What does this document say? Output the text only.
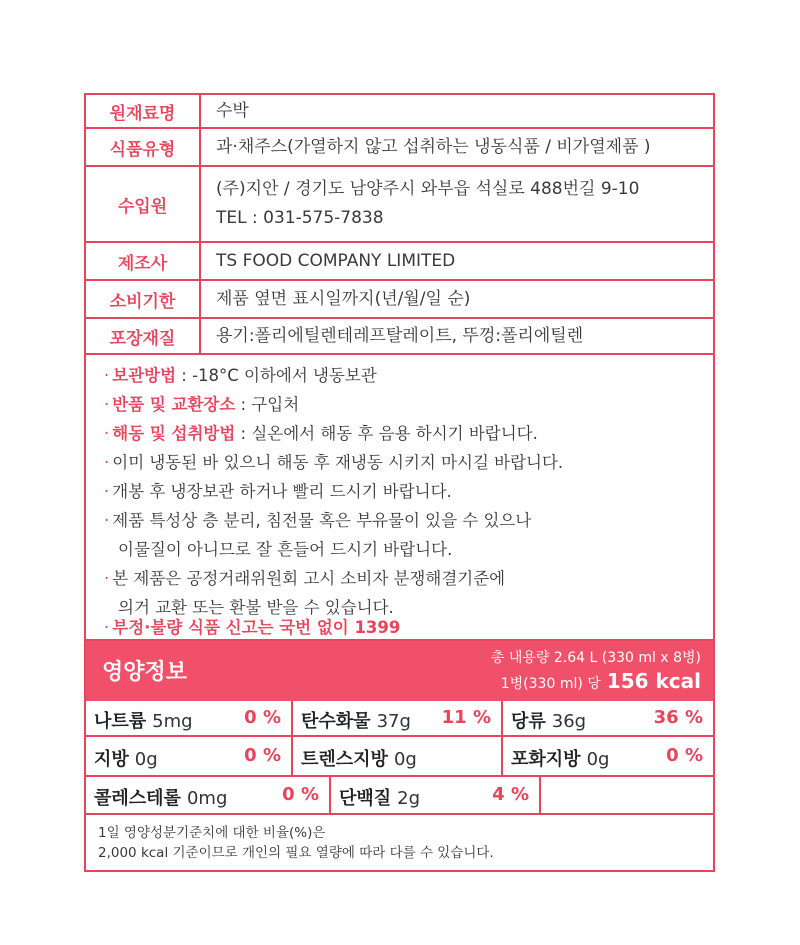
원재료명	수박
식품유형	과·채주스(가열하지 않고 섭취하는 냉동식품 / 비가열제품 )
수입원
(주)지안 / 경기도 남양주시 와부읍 석실로 488번길 9-10
TEL : 031-575-7838
제조사	TS FOOD COMPANY LIMITED
소비기한	제품 옆면 표시일까지(년/월/일 순)
포장재질	용기:폴리에틸렌테레프탈레이트, 뚜껑:폴리에틸렌
· 보관방법 : -18°C 이하에서 냉동보관
· 반품 및 교환장소 : 구입처
· 해동 및 섭취방법 : 실온에서 해동 후 음용 하시기 바랍니다.
· 이미 냉동된 바 있으니 해동 후 재냉동 시키지 마시길 바랍니다.
· 개봉 후 냉장보관 하거나 빨리 드시기 바랍니다.
· 제품 특성상 층 분리, 침전물 혹은 부유물이 있을 수 있으나
이물질이 아니므로 잘 흔들어 드시기 바랍니다.
· 본 제품은 공정거래위원회 고시 소비자 분쟁해결기준에
의거 교환 또는 환불 받을 수 있습니다.
· 부정·불량 식품 신고는 국번 없이 1399
영양정보
총 내용량 2.64 L (330 ml x 8병)
1병(330 ml) 당 156 kcal
나트륨 5mg	0 % 탄수화물 37g 11 % 당류 36g	36 %
지방 0g	0 % 트렌스지방 0g	포화지방 0g	0 %
콜레스테롤 0mg	0 % 단백질 2g	4 %
1일 영양성분기준치에 대한 비율(%)은
2,000 kcal 기준이므로 개인의 필요 열량에 따라 다를 수 있습니다.
